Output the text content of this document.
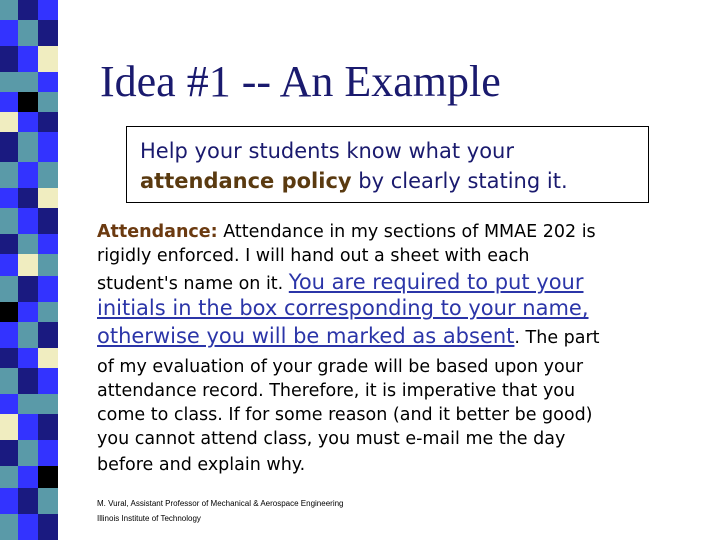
Idea #1 -- An Example
Help your students know what your
attendance policy by clearly stating it.
Attendance: Attendance in my sections of MMAE 202 is
rigidly enforced. I will hand out a sheet with each
student's name on it. You are required to put your
initials in the box corresponding to your name,
otherwise you will be marked as absent. The part
of my evaluation of your grade will be based upon your
attendance record. Therefore, it is imperative that you
come to class. If for some reason (and it better be good)
you cannot attend class, you must e-mail me the day
before and explain why.
M. Vural, Assistant Professor of Mechanical & Aerospace Engineering
Illinois Institute of Technology
